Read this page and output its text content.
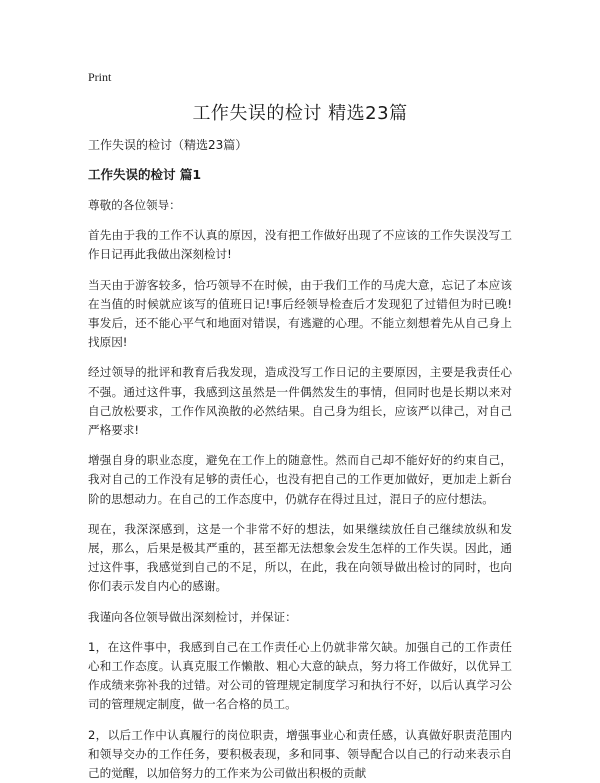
Print
工作失误的检讨 精选23篇
工作失误的检讨（精选23篇）
工作失误的检讨 篇1

尊敬的各位领导：

首先由于我的工作不认真的原因，没有把工作做好出现了不应该的工作失误没写工作日记再此我做出深刻检讨!

当天由于游客较多，恰巧领导不在时候，由于我们工作的马虎大意，忘记了本应该在当值的时候就应该写的值班日记!事后经领导检查后才发现犯了过错但为时已晚!事发后，还不能心平气和地面对错误，有逃避的心理。不能立刻想着先从自己身上找原因!

经过领导的批评和教育后我发现，造成没写工作日记的主要原因，主要是我责任心不强。通过这件事，我感到这虽然是一件偶然发生的事情，但同时也是长期以来对自己放松要求，工作作风涣散的必然结果。自己身为组长，应该严以律己，对自己严格要求!

增强自身的职业态度，避免在工作上的随意性。然而自己却不能好好的约束自己，我对自己的工作没有足够的责任心，也没有把自己的工作更加做好，更加走上新台阶的思想动力。在自己的工作态度中，仍就存在得过且过，混日子的应付想法。

现在，我深深感到，这是一个非常不好的想法，如果继续放任自己继续放纵和发展，那么，后果是极其严重的，甚至都无法想象会发生怎样的工作失误。因此，通过这件事，我感觉到自己的不足，所以，在此，我在向领导做出检讨的同时，也向你们表示发自内心的感谢。

我谨向各位领导做出深刻检讨，并保证：

1，在这件事中，我感到自己在工作责任心上仍就非常欠缺。加强自己的工作责任心和工作态度。认真克服工作懒散、粗心大意的缺点，努力将工作做好，以优异工作成绩来弥补我的过错。对公司的管理规定制度学习和执行不好，以后认真学习公司的管理规定制度，做一名合格的员工。

2，以后工作中认真履行的岗位职责，增强事业心和责任感，认真做好职责范围内和领导交办的工作任务，要积极表现，多和同事、领导配合以自己的行动来表示自己的觉醒，以加倍努力的工作来为公司做出积极的贡献
